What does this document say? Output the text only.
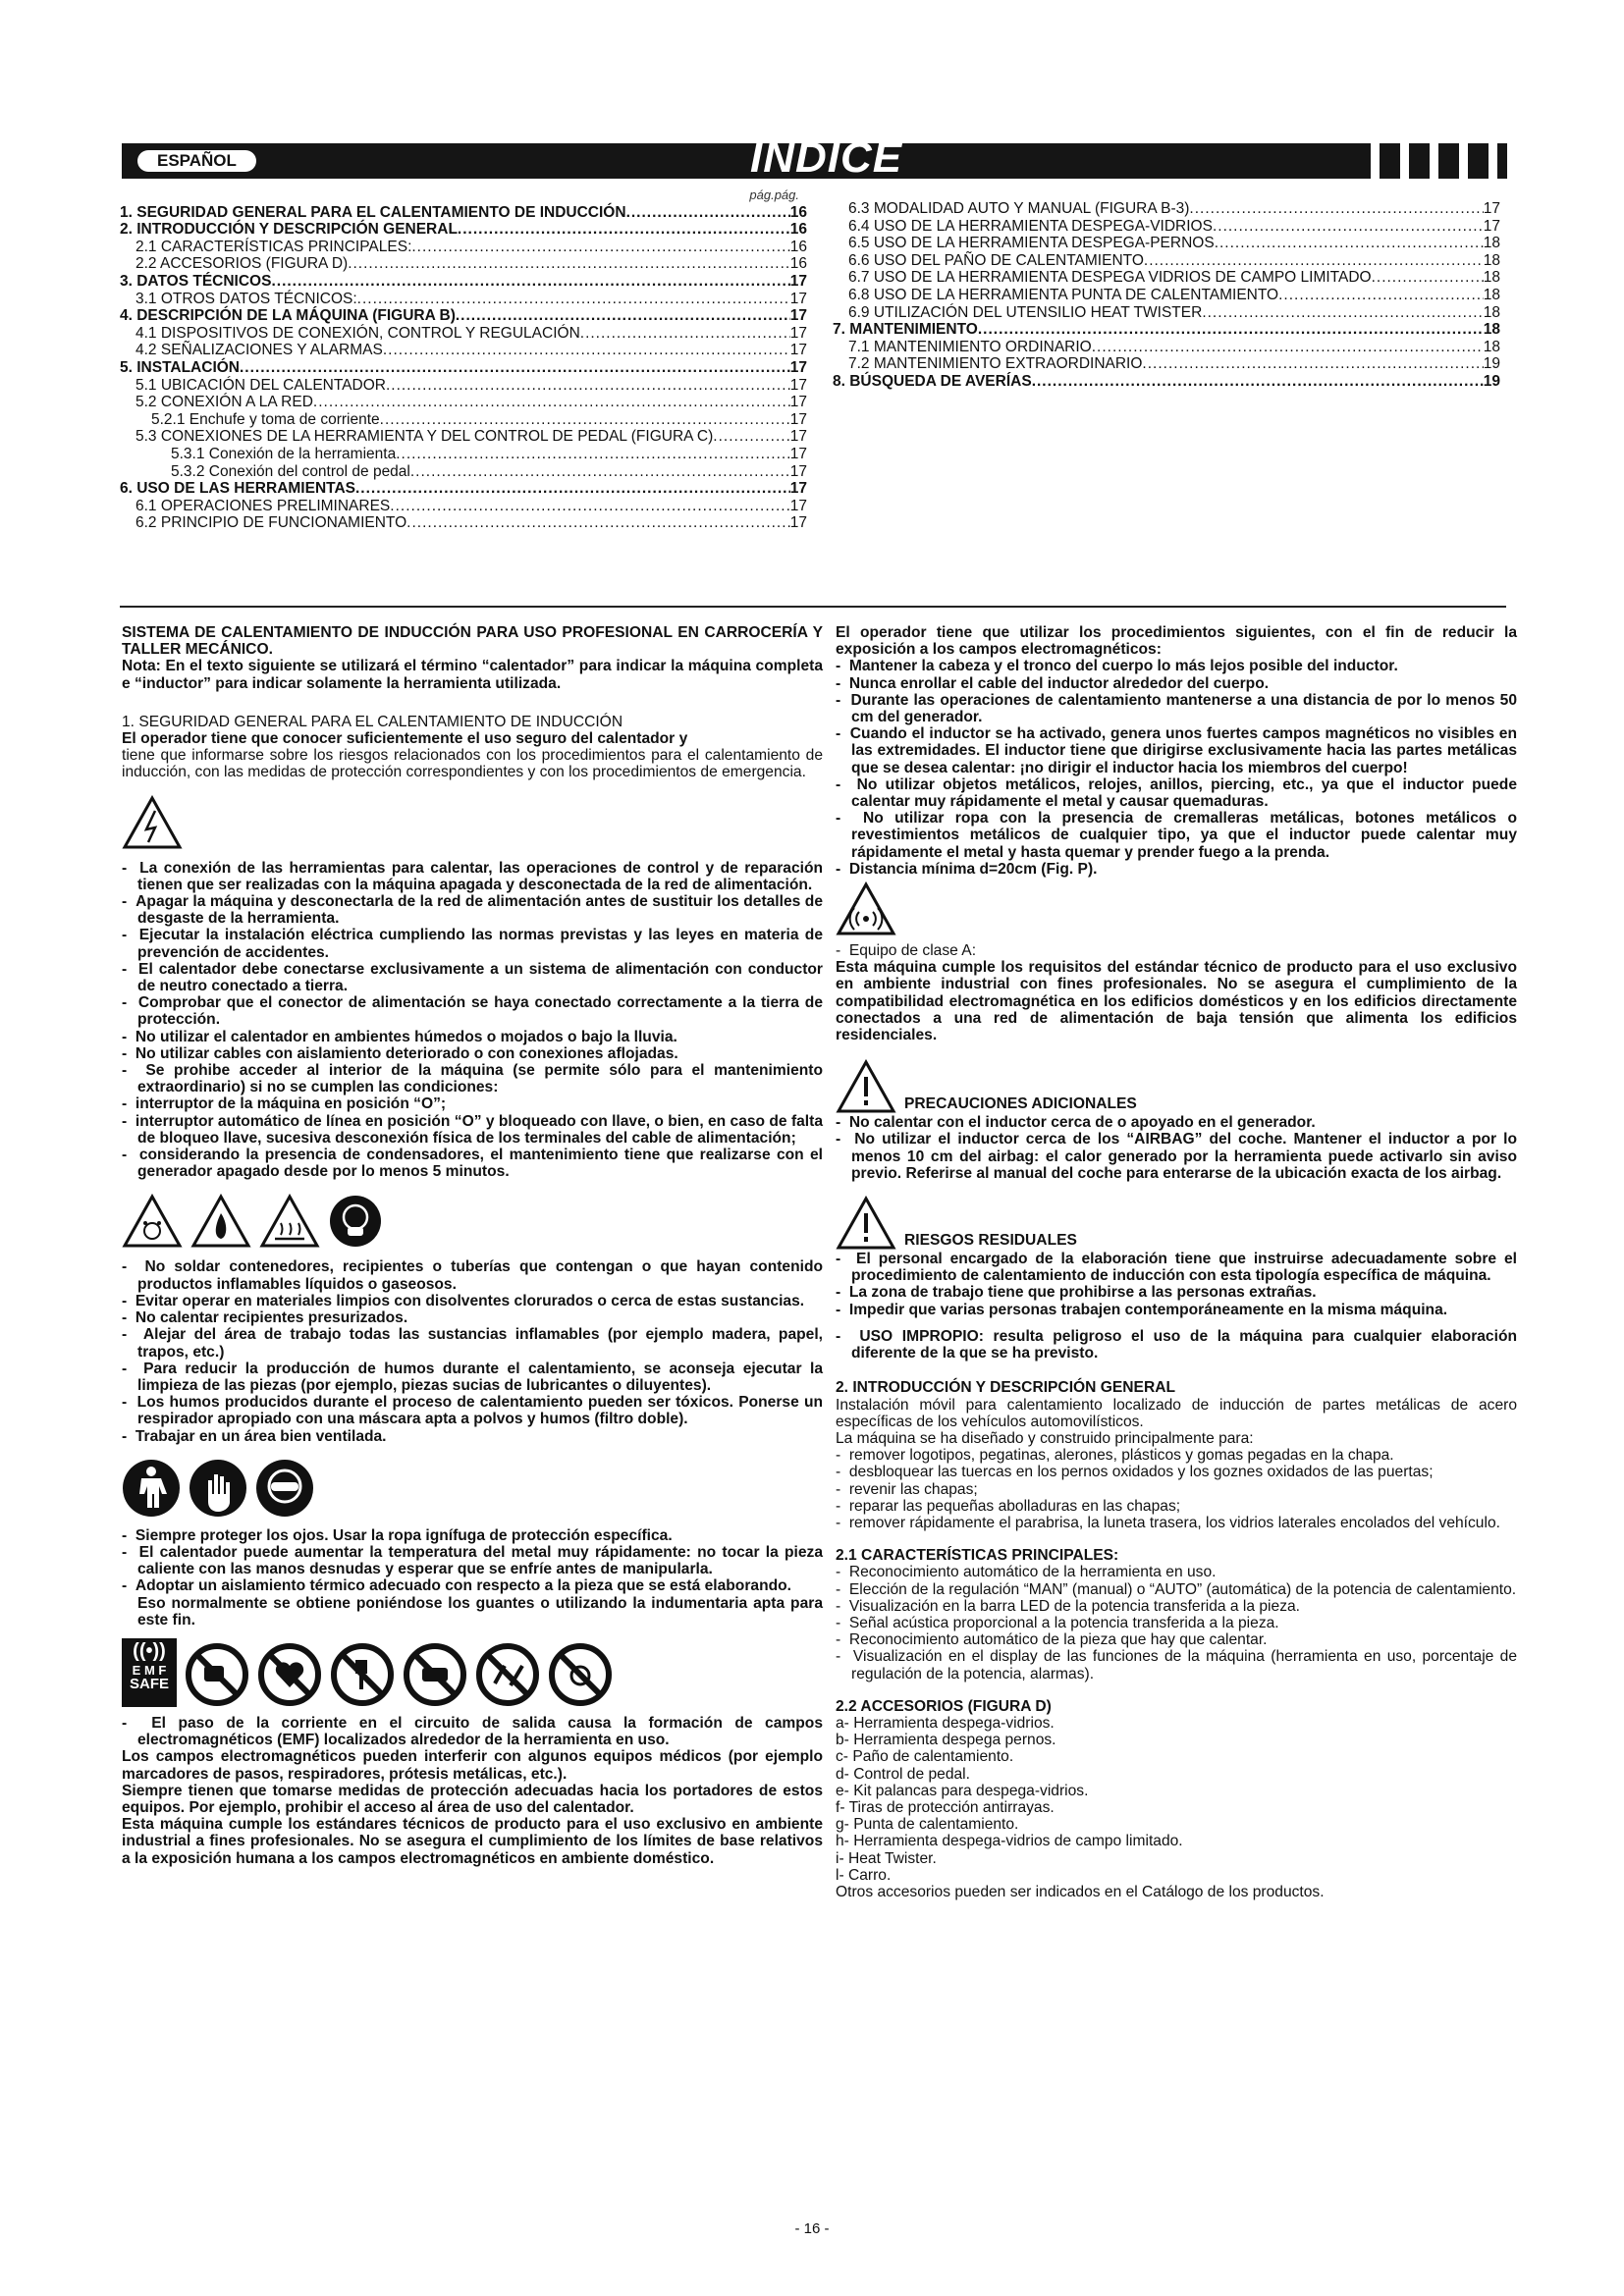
ESPAÑOL	ÍNDICE
pág.pág.
1. SEGURIDAD GENERAL PARA EL CALENTAMIENTO DE INDUCCIÓN .....	16
2. INTRODUCCIÓN Y DESCRIPCIÓN GENERAL .....	16
2.1 CARACTERÍSTICAS PRINCIPALES: .....	16
2.2 ACCESORIOS (FIGURA D) .....	16
3. DATOS TÉCNICOS .....	17
3.1 OTROS DATOS TÉCNICOS: .....	17
4. DESCRIPCIÓN DE LA MÁQUINA (FIGURA B) .....	17
4.1 DISPOSITIVOS DE CONEXIÓN, CONTROL Y REGULACIÓN .....	17
4.2 SEÑALIZACIONES Y ALARMAS .....	17
5. INSTALACIÓN .....	17
5.1 UBICACIÓN DEL CALENTADOR .....	17
5.2 CONEXIÓN A LA RED .....	17
5.2.1 Enchufe y toma de corriente .....	17
5.3 CONEXIONES DE LA HERRAMIENTA Y DEL CONTROL DE PEDAL (FIGURA C) .....	17
5.3.1 Conexión de la herramienta .....	17
5.3.2 Conexión del control de pedal .....	17
6. USO DE LAS HERRAMIENTAS .....	17
6.1 OPERACIONES PRELIMINARES .....	17
6.2 PRINCIPIO DE FUNCIONAMIENTO .....	17
6.3 MODALIDAD AUTO Y MANUAL (FIGURA B-3) .....	17
6.4 USO DE LA HERRAMIENTA DESPEGA-VIDRIOS .....	17
6.5 USO DE LA HERRAMIENTA DESPEGA-PERNOS .....	18
6.6 USO DEL PAÑO DE CALENTAMIENTO .....	18
6.7 USO DE LA HERRAMIENTA DESPEGA VIDRIOS DE CAMPO LIMITADO .....	18
6.8 USO DE LA HERRAMIENTA PUNTA DE CALENTAMIENTO .....	18
6.9 UTILIZACIÓN DEL UTENSILIO HEAT TWISTER .....	18
7. MANTENIMIENTO .....	18
7.1 MANTENIMIENTO ORDINARIO .....	18
7.2 MANTENIMIENTO EXTRAORDINARIO .....	19
8. BÚSQUEDA DE AVERÍAS .....	19

SISTEMA DE CALENTAMIENTO DE INDUCCIÓN PARA USO PROFESIONAL EN CARROCERÍA Y TALLER MECÁNICO.

Nota: En el texto siguiente se utilizará el término “calentador” para indicar la máquina completa e “inductor” para indicar solamente la herramienta utilizada.

1. SEGURIDAD GENERAL PARA EL CALENTAMIENTO DE INDUCCIÓN

El operador tiene que conocer suficientemente el uso seguro del calentador y

tiene que informarse sobre los riesgos relacionados con los procedimientos para el calentamiento de inducción, con las medidas de protección correspondientes y con los procedimientos de emergencia.

-  La conexión de las herramientas para calentar, las operaciones de control y de reparación tienen que ser realizadas con la máquina apagada y desconectada de la red de alimentación.

-  Apagar la máquina y desconectarla de la red de alimentación antes de sustituir los detalles de desgaste de la herramienta.

-  Ejecutar la instalación eléctrica cumpliendo las normas previstas y las leyes en materia de prevención de accidentes.

-  El calentador debe conectarse exclusivamente a un sistema de alimentación con conductor de neutro conectado a tierra.

-  Comprobar que el conector de alimentación se haya conectado correctamente a la tierra de protección.

-  No utilizar el calentador en ambientes húmedos o mojados o bajo la lluvia.

-  No utilizar cables con aislamiento deteriorado o con conexiones aflojadas.

-  Se prohibe acceder al interior de la máquina (se permite sólo para el mantenimiento extraordinario) si no se cumplen las condiciones:

-  interruptor de la máquina en posición “O”;

-  interruptor automático de línea en posición “O” y bloqueado con llave, o bien, en caso de falta de bloqueo llave, sucesiva desconexión física de los terminales del cable de alimentación;

-  considerando la presencia de condensadores, el mantenimiento tiene que realizarse con el generador apagado desde por lo menos 5 minutos.

-  No soldar contenedores, recipientes o tuberías que contengan o que hayan contenido productos inflamables líquidos o gaseosos.

-  Evitar operar en materiales limpios con disolventes clorurados o cerca de estas sustancias.

-  No calentar recipientes presurizados.

-  Alejar del área de trabajo todas las sustancias inflamables (por ejemplo madera, papel, trapos, etc.)

-  Para reducir la producción de humos durante el calentamiento, se aconseja ejecutar la limpieza de las piezas (por ejemplo, piezas sucias de lubricantes o diluyentes).

-  Los humos producidos durante el proceso de calentamiento pueden ser tóxicos. Ponerse un respirador apropiado con una máscara apta a polvos y humos (filtro doble).

-  Trabajar en un área bien ventilada.

-  Siempre proteger los ojos. Usar la ropa ignífuga de protección específica.

-  El calentador puede aumentar la temperatura del metal muy rápidamente: no tocar la pieza caliente con las manos desnudas y esperar que se enfríe antes de manipularla.

-  Adoptar un aislamiento térmico adecuado con respecto a la pieza que se está elaborando.

Eso normalmente se obtiene poniéndose los guantes o utilizando la indumentaria apta para este fin.

((•))
E M F
SAFE

-  El paso de la corriente en el circuito de salida causa la formación de campos electromagnéticos (EMF) localizados alrededor de la herramienta en uso.

Los campos electromagnéticos pueden interferir con algunos equipos médicos (por ejemplo marcadores de pasos, respiradores, prótesis metálicas, etc.).

Siempre tienen que tomarse medidas de protección adecuadas hacia los portadores de estos equipos. Por ejemplo, prohibir el acceso al área de uso del calentador.

Esta máquina cumple los estándares técnicos de producto para el uso exclusivo en ambiente industrial a fines profesionales. No se asegura el cumplimiento de los límites de base relativos a la exposición humana a los campos electromagnéticos en ambiente doméstico.

El operador tiene que utilizar los procedimientos siguientes, con el fin de reducir la exposición a los campos electromagnéticos:

-  Mantener la cabeza y el tronco del cuerpo lo más lejos posible del inductor.

-  Nunca enrollar el cable del inductor alrededor del cuerpo.

-  Durante las operaciones de calentamiento mantenerse a una distancia de por lo menos 50 cm del generador.

-  Cuando el inductor se ha activado, genera unos fuertes campos magnéticos no visibles en las extremidades. El inductor tiene que dirigirse exclusivamente hacia las partes metálicas que se desea calentar: ¡no dirigir el inductor hacia los miembros del cuerpo!

-  No utilizar objetos metálicos, relojes, anillos, piercing, etc., ya que el inductor puede calentar muy rápidamente el metal y causar quemaduras.

-  No utilizar ropa con la presencia de cremalleras metálicas, botones metálicos o revestimientos metálicos de cualquier tipo, ya que el inductor puede calentar muy rápidamente el metal y hasta quemar y prender fuego a la prenda.

-  Distancia mínima d=20cm (Fig. P).

-  Equipo de clase A:

Esta máquina cumple los requisitos del estándar técnico de producto para el uso exclusivo en ambiente industrial con fines profesionales. No se asegura el cumplimiento de la compatibilidad electromagnética en los edificios domésticos y en los edificios directamente conectados a una red de alimentación de baja tensión que alimenta los edificios residenciales.

PRECAUCIONES ADICIONALES

-  No calentar con el inductor cerca de o apoyado en el generador.

-  No utilizar el inductor cerca de los “AIRBAG” del coche. Mantener el inductor a por lo menos 10 cm del airbag: el calor generado por la herramienta puede activarlo sin aviso previo. Referirse al manual del coche para enterarse de la ubicación exacta de los airbag.

RIESGOS RESIDUALES

-  El personal encargado de la elaboración tiene que instruirse adecuadamente sobre el procedimiento de calentamiento de inducción con esta tipología específica de máquina.

-  La zona de trabajo tiene que prohibirse a las personas extrañas.

-  Impedir que varias personas trabajen contemporáneamente en la misma máquina.

-  USO IMPROPIO: resulta peligroso el uso de la máquina para cualquier elaboración diferente de la que se ha previsto.

2. INTRODUCCIÓN Y DESCRIPCIÓN GENERAL

Instalación móvil para calentamiento localizado de inducción de partes metálicas de acero específicas de los vehículos automovilísticos.

La máquina se ha diseñado y construido principalmente para:

-  remover logotipos, pegatinas, alerones, plásticos y gomas pegadas en la chapa.

-  desbloquear las tuercas en los pernos oxidados y los goznes oxidados de las puertas;

-  revenir las chapas;

-  reparar las pequeñas abolladuras en las chapas;

-  remover rápidamente el parabrisa, la luneta trasera, los vidrios laterales encolados del vehículo.

2.1 CARACTERÍSTICAS PRINCIPALES:

-  Reconocimiento automático de la herramienta en uso.

-  Elección de la regulación “MAN” (manual) o “AUTO” (automática) de la potencia de calentamiento.

-  Visualización en la barra LED de la potencia transferida a la pieza.

-  Señal acústica proporcional a la potencia transferida a la pieza.

-  Reconocimiento automático de la pieza que hay que calentar.

-  Visualización en el display de las funciones de la máquina (herramienta en uso, porcentaje de regulación de la potencia, alarmas).

2.2 ACCESORIOS (FIGURA D)

a- Herramienta despega-vidrios.

b- Herramienta despega pernos.

c- Paño de calentamiento.

d- Control de pedal.

e- Kit palancas para despega-vidrios.

f- Tiras de protección antirrayas.

g- Punta de calentamiento.

h- Herramienta despega-vidrios de campo limitado.

i- Heat Twister.

l- Carro.

Otros accesorios pueden ser indicados en el Catálogo de los productos.

- 16 -
